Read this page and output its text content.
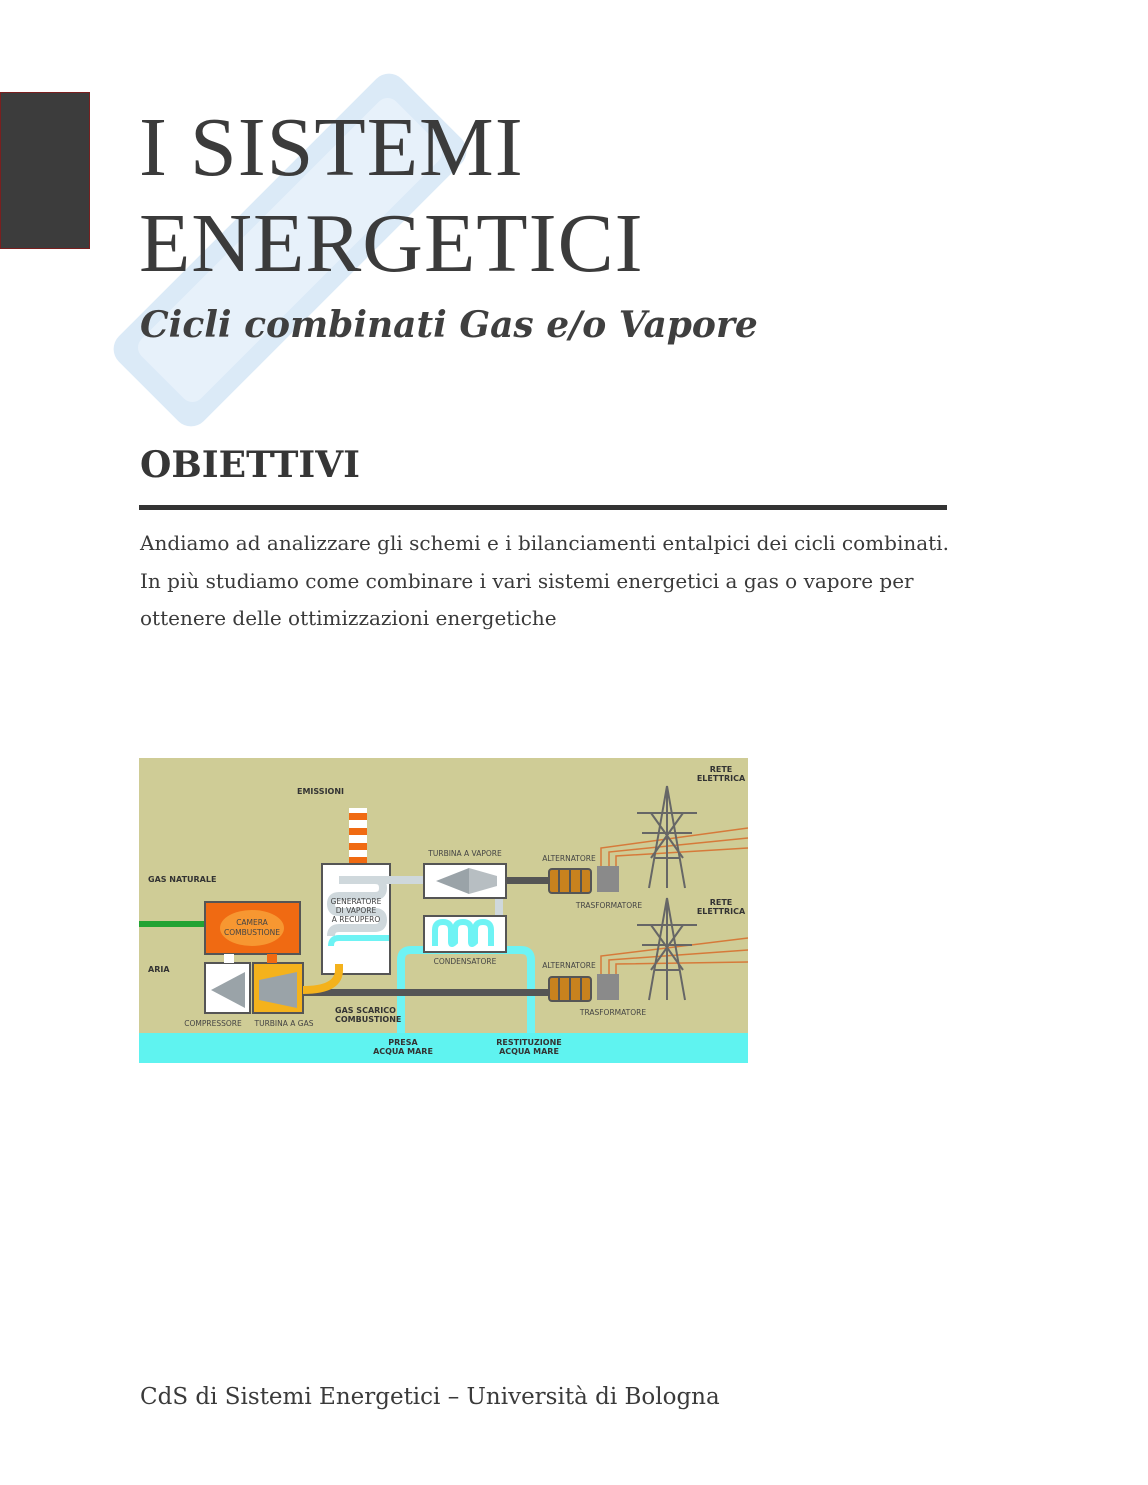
I SISTEMI
ENERGETICI
Cicli combinati Gas e/o Vapore
OBIETTIVI

Andiamo ad analizzare gli schemi e i bilanciamenti entalpici dei cicli combinati. In più studiamo come combinare i vari sistemi energetici a gas o vapore per ottenere delle ottimizzazioni energetiche

EMISSIONI
GAS NATURALE
ARIA
RETE
ELETTRICA
RETE
ELETTRICA
GAS SCARICO
COMBUSTIONE
PRESA
ACQUA MARE
RESTITUZIONE
ACQUA MARE
CAMERA
COMBUSTIONE
GENERATORE
DI VAPORE
A RECUPERO
TURBINA A VAPORE
CONDENSATORE
ALTERNATORE
ALTERNATORE
TRASFORMATORE
TRASFORMATORE
COMPRESSORE TURBINA A GAS

CdS di Sistemi Energetici – Università di Bologna
